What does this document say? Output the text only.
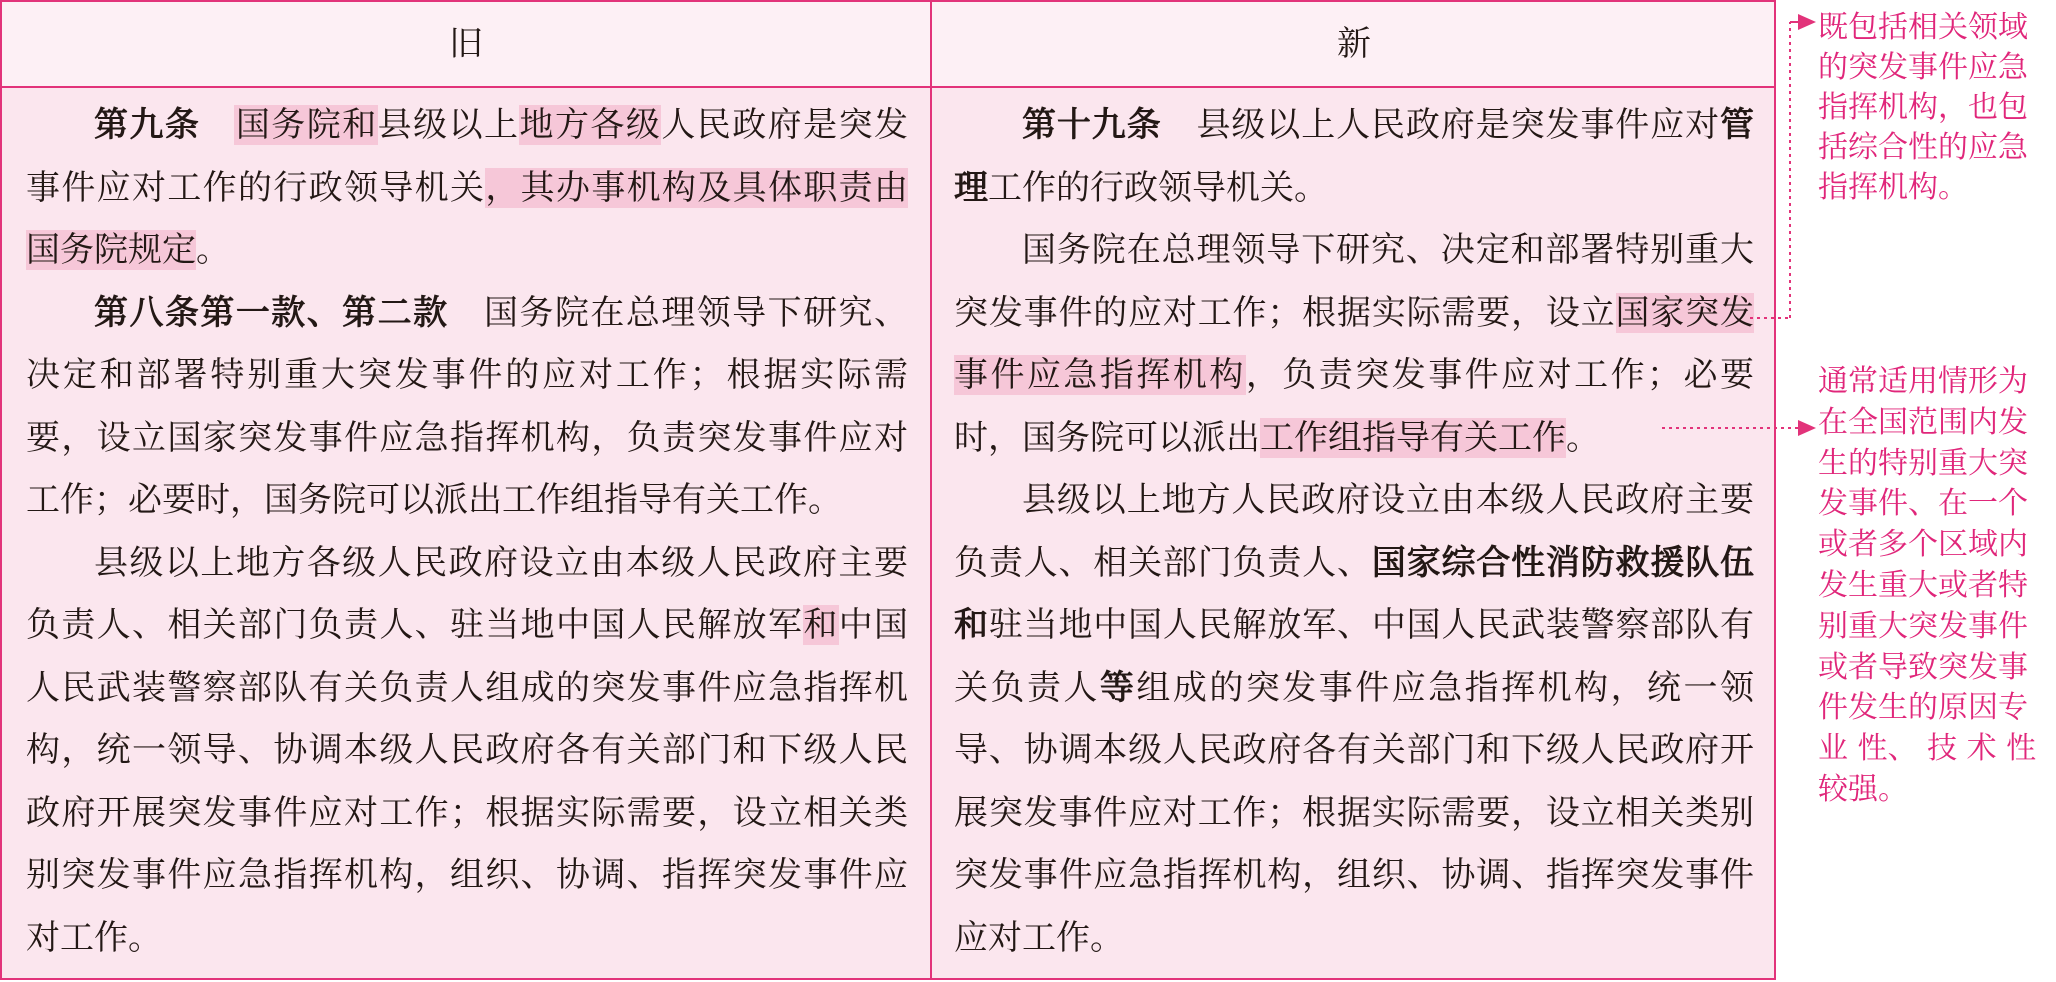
旧	新

第九条  国务院和县级以上地方各级人民政府是突发事件应对工作的行政领导机关，其办事机构及具体职责由国务院规定。

第八条第一款、第二款  国务院在总理领导下研究、决定和部署特别重大突发事件的应对工作；根据实际需要，设立国家突发事件应急指挥机构，负责突发事件应对工作；必要时，国务院可以派出工作组指导有关工作。

县级以上地方各级人民政府设立由本级人民政府主要负责人、相关部门负责人、驻当地中国人民解放军和中国人民武装警察部队有关负责人组成的突发事件应急指挥机构，统一领导、协调本级人民政府各有关部门和下级人民政府开展突发事件应对工作；根据实际需要，设立相关类别突发事件应急指挥机构，组织、协调、指挥突发事件应对工作。

第十九条  县级以上人民政府是突发事件应对管理工作的行政领导机关。

国务院在总理领导下研究、决定和部署特别重大突发事件的应对工作；根据实际需要，设立国家突发事件应急指挥机构，负责突发事件应对工作；必要时，国务院可以派出工作组指导有关工作。

县级以上地方人民政府设立由本级人民政府主要负责人、相关部门负责人、国家综合性消防救援队伍和驻当地中国人民解放军、中国人民武装警察部队有关负责人等组成的突发事件应急指挥机构，统一领导、协调本级人民政府各有关部门和下级人民政府开展突发事件应对工作；根据实际需要，设立相关类别突发事件应急指挥机构，组织、协调、指挥突发事件应对工作。

既包括相关领域
的突发事件应急
指挥机构，也包
括综合性的应急
指挥机构。
通常适用情形为
在全国范围内发
生的特别重大突
发事件、在一个
或者多个区域内
发生重大或者特
别重大突发事件
或者导致突发事
件发生的原因专
业 性、 技 术 性
较强。
